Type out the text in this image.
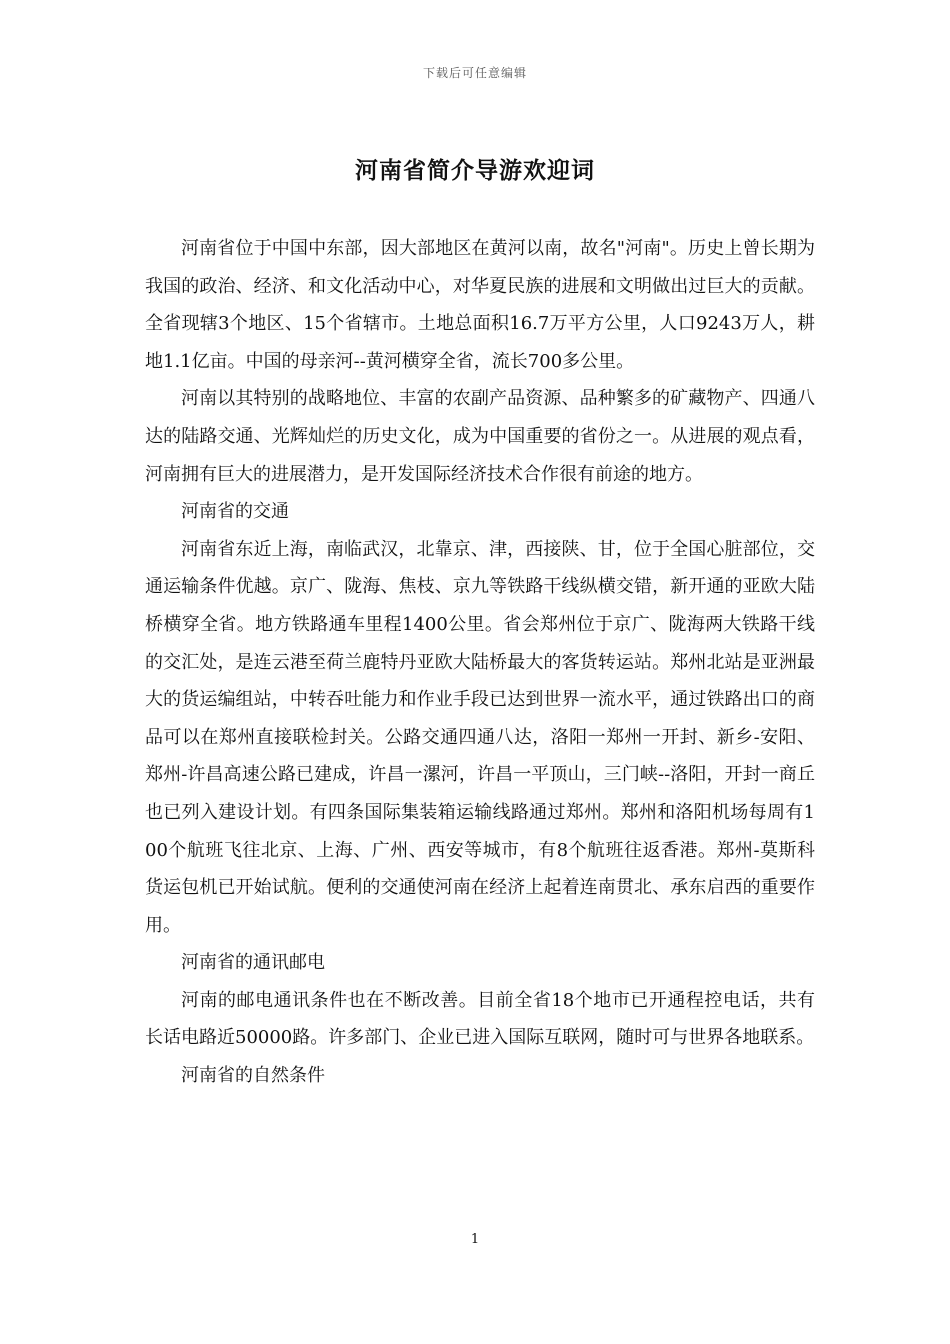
下载后可任意编辑
河南省简介导游欢迎词

河南省位于中国中东部，因大部地区在黄河以南，故名"河南"。历史上曾长期为我国的政治、经济、和文化活动中心，对华夏民族的进展和文明做出过巨大的贡献。全省现辖3个地区、15个省辖市。土地总面积16.7万平方公里，人口9243万人，耕地1.1亿亩。中国的母亲河--黄河横穿全省，流长700多公里。

河南以其特别的战略地位、丰富的农副产品资源、品种繁多的矿藏物产、四通八达的陆路交通、光辉灿烂的历史文化，成为中国重要的省份之一。从进展的观点看，河南拥有巨大的进展潜力，是开发国际经济技术合作很有前途的地方。

河南省的交通

河南省东近上海，南临武汉，北靠京、津，西接陕、甘，位于全国心脏部位，交通运输条件优越。京广、陇海、焦枝、京九等铁路干线纵横交错，新开通的亚欧大陆桥横穿全省。地方铁路通车里程1400公里。省会郑州位于京广、陇海两大铁路干线的交汇处，是连云港至荷兰鹿特丹亚欧大陆桥最大的客货转运站。郑州北站是亚洲最大的货运编组站，中转吞吐能力和作业手段已达到世界一流水平，通过铁路出口的商品可以在郑州直接联检封关。公路交通四通八达，洛阳一郑州一开封、新乡-安阳、郑州-许昌高速公路已建成，许昌一漯河，许昌一平顶山，三门峡--洛阳，开封一商丘也已列入建设计划。有四条国际集装箱运输线路通过郑州。郑州和洛阳机场每周有100个航班飞往北京、上海、广州、西安等城市，有8个航班往返香港。郑州-莫斯科货运包机已开始试航。便利的交通使河南在经济上起着连南贯北、承东启西的重要作用。

河南省的通讯邮电

河南的邮电通讯条件也在不断改善。目前全省18个地市已开通程控电话，共有长话电路近50000路。许多部门、企业已进入国际互联网，随时可与世界各地联系。

河南省的自然条件

1
